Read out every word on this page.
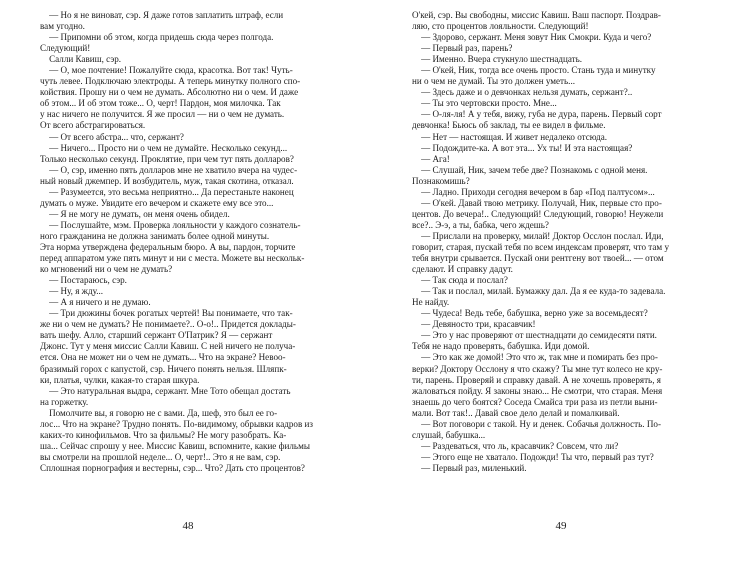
— Но я не виноват, сэр. Я даже готов заплатить штраф, если
вам угодно.
— Припомни об этом, когда придешь сюда через полгода.
Следующий!
Салли Кавиш, сэр.
— О, мое почтение! Пожалуйте сюда, красотка. Вот так! Чуть-
чуть левее. Подключаю электроды. А теперь минутку полного спо-
койствия. Прошу ни о чем не думать. Абсолютно ни о чем. И даже
об этом... И об этом тоже... О, черт! Пардон, моя милочка. Так
у нас ничего не получится. Я же просил — ни о чем не думать.
От всего абстрагироваться.
— От всего абстра... что, сержант?
— Ничего... Просто ни о чем не думайте. Несколько секунд...
Только несколько секунд. Проклятие, при чем тут пять долларов?
— О, сэр, именно пять долларов мне не хватило вчера на чудес-
ный новый джемпер. И возбудитель, муж, такая скотина, отказал.
— Разумеется, это весьма неприятно... Да перестаньте наконец
думать о муже. Увидите его вечером и скажете ему все это...
— Я не могу не думать, он меня очень обидел.
— Послушайте, мэм. Проверка лояльности у каждого сознатель-
ного гражданина не должна занимать более одной минуты.
Эта норма утверждена федеральным бюро. А вы, пардон, торчите
перед аппаратом уже пять минут и ни с места. Можете вы нескольк-
ко мгновений ни о чем не думать?
— Постараюсь, сэр.
— Ну, я жду...
— А я ничего и не думаю.
— Три дюжины бочек рогатых чертей! Вы понимаете, что так-
же ни о чем не думать? Не понимаете?.. О-о!.. Придется доклады-
вать шефу. Алло, старший сержант О'Патрик? Я — сержант
Джонс. Тут у меня миссис Салли Кавиш. С ней ничего не получа-
ется. Она не может ни о чем не думать... Что на экране? Невоо-
бразимый горох с капустой, сэр. Ничего понять нельзя. Шляпк-
ки, платья, чулки, какая-то старая шкура.
— Это натуральная выдра, сержант. Мне Тото обещал достать
на горжетку.
Помолчите вы, я говорю не с вами. Да, шеф, это был ее го-
лос... Что на экране? Трудно понять. По-видимому, обрывки кадров из
каких-то кинофильмов. Что за фильмы? Не могу разобрать. Ка-
ша... Сейчас спрошу у нее. Миссис Кавиш, вспомните, какие фильмы
вы смотрели на прошлой неделе... О, черт!.. Это я не вам, сэр.
Сплошная порнография и вестерны, сэр... Что? Дать сто процентов?
48
О'кей, сэр. Вы свободны, миссис Кавиш. Ваш паспорт. Поздрав-
ляю, сто процентов лояльности. Следующий!
— Здорово, сержант. Меня зовут Ник Смокри. Куда и чего?
— Первый раз, парень?
— Именно. Вчера стукнуло шестнадцать.
— О'кей, Ник, тогда все очень просто. Стань туда и минутку
ни о чем не думай. Ты это должен уметь...
— Здесь даже и о девчонках нельзя думать, сержант?..
— Ты это чертовски просто. Мне...
— О-ля-ля! А у тебя, вижу, губа не дура, парень. Первый сорт
девчонка! Бьюсь об заклад, ты ее видел в фильме.
— Нет — настоящая. И живет недалеко отсюда.
— Подождите-ка. А вот эта... Ух ты! И эта настоящая?
— Ага!
— Слушай, Ник, зачем тебе две? Познакомь с одной меня.
Познакомишь?
— Ладно. Приходи сегодня вечером в бар «Под палтусом»...
— О'кей. Давай твою метрику. Получай, Ник, первые сто про-
центов. До вечера!.. Следующий! Следующий, говорю! Неужели
все?.. Э-э, а ты, бабка, чего ждешь?
— Прислали на проверку, милай! Доктор Осслон послал. Иди,
говорит, старая, пускай тебя по всем индексам проверят, что там у
тебя внутри срывается. Пускай они рентгену вот твоей... — отом
сделают. И справку дадут.
— Так сюда и послал?
— Так и послал, милай. Бумажку дал. Да я ее куда-то задевала.
Не найду.
— Чудеса! Ведь тебе, бабушка, верно уже за восемьдесят?
— Девяносто три, красавчик!
— Это у нас проверяют от шестнадцати до семидесяти пяти.
Тебя не надо проверять, бабушка. Иди домой.
— Это как же домой! Это что ж, так мне и помирать без про-
верки? Доктору Осслону я что скажу? Ты мне тут колесо не кру-
ти, парень. Проверяй и справку давай. А не хочешь проверять, я
жаловаться пойду. Я законы знаю... Не смотри, что старая. Меня
знаешь до чего боятся? Соседа Смайса три раза из петли выни-
мали. Вот так!.. Давай свое дело делай и помалкивай.
— Вот поговори с такой. Ну и денек. Собачья должность. По-
слушай, бабушка...
— Раздеваться, что ль, красавчик? Совсем, что ли?
— Этого еще не хватало. Подожди! Ты что, первый раз тут?
— Первый раз, миленький.
49
